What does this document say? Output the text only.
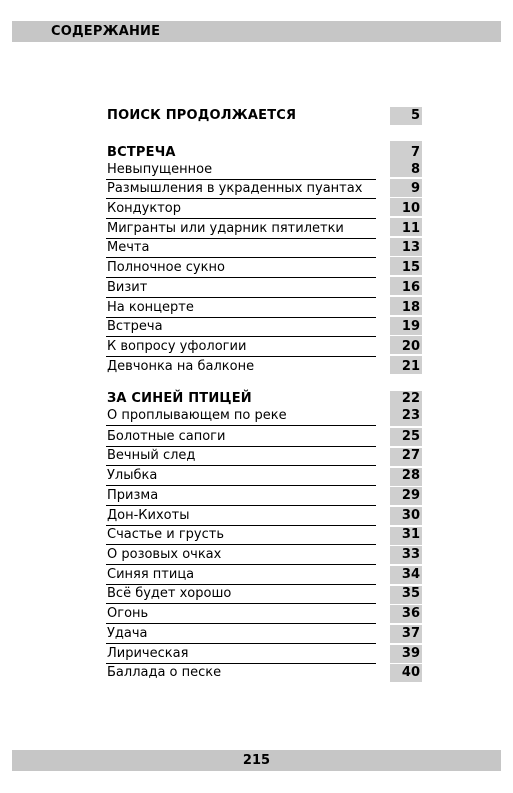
СОДЕРЖАНИЕ
ПОИСК ПРОДОЛЖАЕТСЯ	5
ВСТРЕЧА	7
Невыпущенное	8
Размышления в украденных пуантах	9
Кондуктор	10
Мигранты или ударник пятилетки	11
Мечта	13
Полночное сукно	15
Визит	16
На концерте	18
Встреча	19
К вопросу уфологии	20
Девчонка на балконе	21
ЗА СИНЕЙ ПТИЦЕЙ	22
О проплывающем по реке	23
Болотные сапоги	25
Вечный след	27
Улыбка	28
Призма	29
Дон-Кихоты	30
Счастье и грусть	31
О розовых очках	33
Синяя птица	34
Всё будет хорошо	35
Огонь	36
Удача	37
Лирическая	39
Баллада о песке	40
215
